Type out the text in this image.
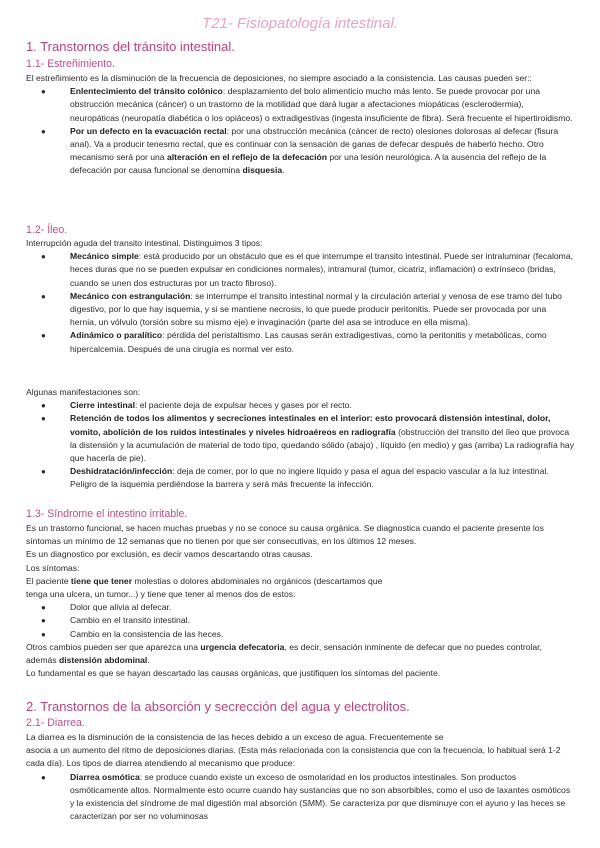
T21- Fisiopatología intestinal.
1. Transtornos del tránsito intestinal.
1.1- Estreñimiento.
El estreñimiento es la disminución de la frecuencia de deposiciones, no siempre asociado a la consistencia. Las causas pueden ser::
●	Enlentecimiento del tránsito colónico: desplazamiento del bolo alimenticio mucho más lento. Se puede provocar por una obstrucción mecánica (cáncer) o un trastorno de la motilidad que dará lugar a afectaciones miopáticas (esclerodermia), neuropáticas (neuropatía diabética o los opiáceos) o extradigestivas (ingesta insuficiente de fibra). Será frecuente el hipertiroidismo.
●	Por un defecto en la evacuación rectal: por una obstrucción mecánica (cáncer de recto) olesiones dolorosas al defecar (fisura anal). Va a producir tenesmo rectal, que es continuar con la sensación de ganas de defecar después de haberlo hecho. Otro mecanismo será por una alteración en el reflejo de la defecación por una lesión neurológica. A la ausencia del reflejo de la defecación por causa funcional se denomina disquesia.
1.2- Íleo.
Interrupción aguda del transito intestinal. Distinguimos 3 tipos:
●	Mecánico simple: está producido por un obstáculo que es el que interrumpe el transito intestinal. Puede ser intraluminar (fecaloma, heces duras que no se pueden expulsar en condiciones normales), intramural (tumor, cicatriz, inflamación) o extrínseco (bridas, cuando se unen dos estructuras por un tracto fibroso).
●	Mecánico con estrangulación: se interrumpe el transito intestinal normal y la circulación arterial y venosa de ese tramo del tubo digestivo, por lo que hay isquemia, y si se mantiene necrosis, lo que puede producir peritonitis. Puede ser provocada por una hernia, un vólvulo (torsión sobre su mismo eje) e invaginación (parte del asa se introduce en ella misma).
●	Adinámico o paralítico: pérdida del peristaltismo. Las causas serán extradigestivas, como la peritonitis y metabólicas, como hipercalcemia. Después de una cirugía es normal ver esto.
Algunas manifestaciones son:
●	Cierre intestinal: el paciente deja de expulsar heces y gases por el recto.
●	Retención de todos los alimentos y secreciones intestinales en el interior: esto provocará distensión intestinal, dolor, vomito, abolición de los ruidos intestinales y niveles hidroaéreos en radiografía (obstrucción del transito del íleo que provoca la distensión y la acumulación de material de todo tipo, quedando sólido (abajo) , líquido (en medio) y gas (arriba) La radiografía hay que hacerla de pie).
●	Deshidratación/infección: deja de comer, por lo que no ingiere líquido y pasa el agua del espacio vascular a la luz intestinal. Peligro de la isquemia perdiéndose la barrera y será más frecuente la infección.
1.3- Síndrome el intestino irritable.
Es un trastorno funcional, se hacen muchas pruebas y no se conoce su causa orgánica. Se diagnostica cuando el paciente presente los síntomas un mínimo de 12 semanas que no tienen por que ser consecutivas, en los últimos 12 meses.
Es un diagnostico por exclusión, es decir vamos descartando otras causas.
Los síntomas:
El paciente tiene que tener molestias o dolores abdominales no orgánicos (descartamos que
tenga una ulcera, un tumor...) y tiene que tener al menos dos de estos:
●	Dolor que alivia al defecar.
●	Cambio en el transito intestinal.
●	Cambio en la consistencia de las heces.
Otros cambios pueden ser que aparezca una urgencia defecatoria, es decir, sensación inminente de defecar que no puedes controlar, además distensión abdominal.
Lo fundamental es que se hayan descartado las causas orgánicas, que justifiquen los síntomas del paciente.
2. Transtornos de la absorción y secrección del agua y electrolitos.
2.1- Diarrea.
La diarrea es la disminución de la consistencia de las heces debido a un exceso de agua. Frecuentemente se
asocia a un aumento del ritmo de deposiciones diarias. (Esta más relacionada con la consistencia que con la frecuencia, lo habitual será 1-2 cada día). Los tipos de diarrea atendiendo al mecanismo que produce:
●	Diarrea osmótica: se produce cuando existe un exceso de osmolaridad en los productos intestinales. Son productos osmóticamente altos. Normalmente esto ocurre cuando hay sustancias que no son absorbibles, como el uso de laxantes osmóticos y la existencia del síndrome de mal digestión mal absorción (SMM). Se caracteriza por que disminuye con el ayuno y las heces se caracterizan por ser no voluminosas
